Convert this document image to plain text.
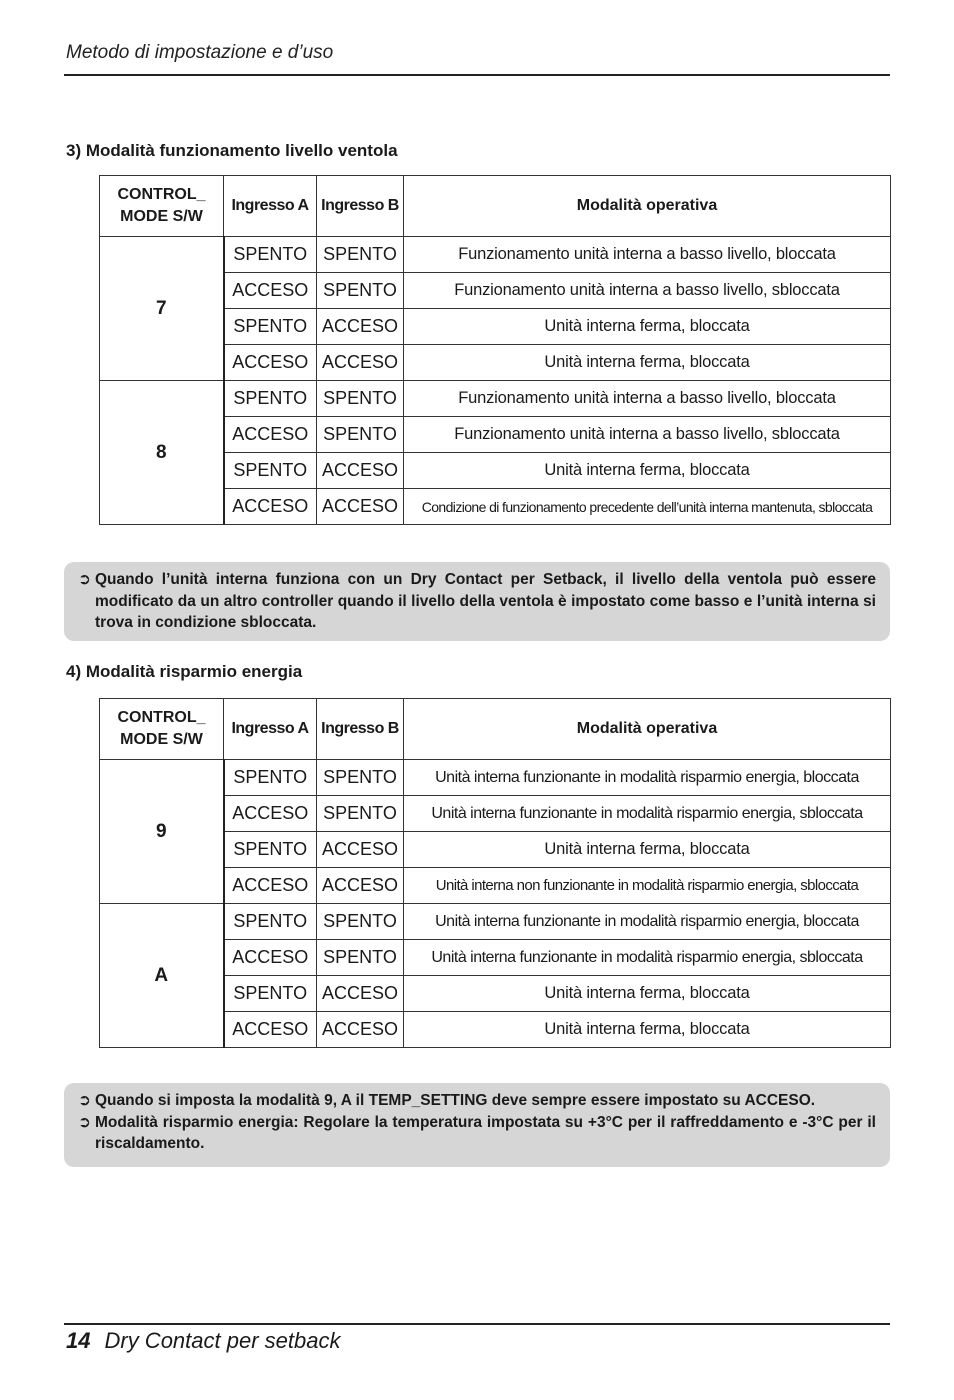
Metodo di impostazione e d’uso
3) Modalità funzionamento livello ventola
CONTROL_
MODE S/W	Ingresso A	Ingresso B	Modalità operativa
7	SPENTO	SPENTO	Funzionamento unità interna a basso livello, bloccata
	ACCESO	SPENTO	Funzionamento unità interna a basso livello, sbloccata
	SPENTO	ACCESO	Unità interna ferma, bloccata
	ACCESO	ACCESO	Unità interna ferma, bloccata
8	SPENTO	SPENTO	Funzionamento unità interna a basso livello, bloccata
	ACCESO	SPENTO	Funzionamento unità interna a basso livello, sbloccata
	SPENTO	ACCESO	Unità interna ferma, bloccata
	ACCESO	ACCESO	Condizione di funzionamento precedente dell’unità interna mantenuta, sbloccata
➲ Quando l’unità interna funziona con un Dry Contact per Setback, il livello della ventola può essere modificato da un altro controller quando il livello della ventola è impostato come basso e l’unità interna si trova in condizione sbloccata.
4) Modalità risparmio energia
CONTROL_
MODE S/W	Ingresso A	Ingresso B	Modalità operativa
9	SPENTO	SPENTO	Unità interna funzionante in modalità risparmio energia, bloccata
	ACCESO	SPENTO	Unità interna funzionante in modalità risparmio energia, sbloccata
	SPENTO	ACCESO	Unità interna ferma, bloccata
	ACCESO	ACCESO	Unità interna non funzionante in modalità risparmio energia, sbloccata
A	SPENTO	SPENTO	Unità interna funzionante in modalità risparmio energia, bloccata
	ACCESO	SPENTO	Unità interna funzionante in modalità risparmio energia, sbloccata
	SPENTO	ACCESO	Unità interna ferma, bloccata
	ACCESO	ACCESO	Unità interna ferma, bloccata
➲ Quando si imposta la modalità 9, A il TEMP_SETTING deve sempre essere impostato su ACCESO.
➲ Modalità risparmio energia: Regolare la temperatura impostata su +3°C per il raffreddamento e -3°C per il riscaldamento.
14 Dry Contact per setback
